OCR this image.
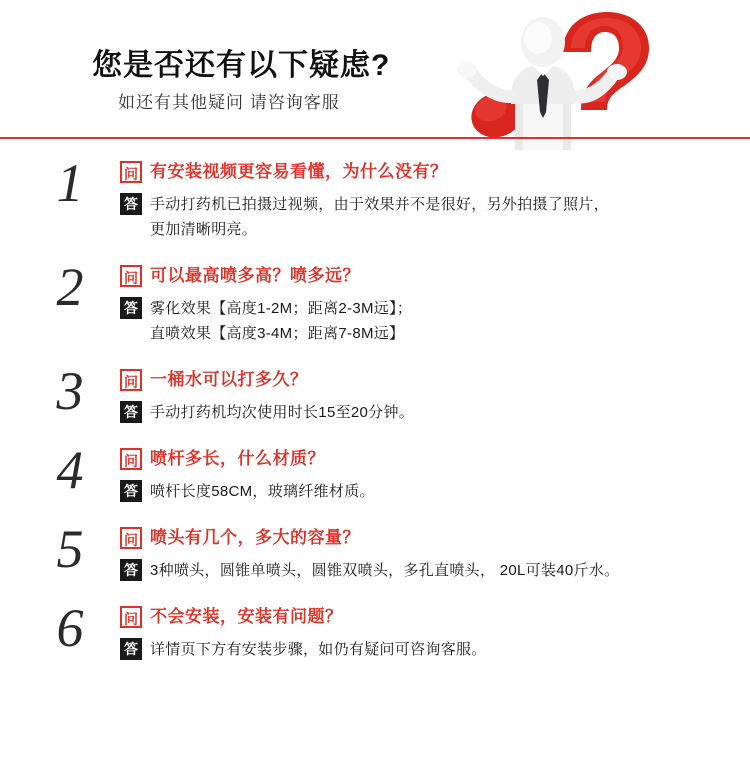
您是否还有以下疑虑?
如还有其他疑问 请咨询客服
1	问 有安装视频更容易看懂，为什么没有？
答 手动打药机已拍摄过视频，由于效果并不是很好，另外拍摄了照片，
更加清晰明亮。
2	问 可以最高喷多高？喷多远？
答 雾化效果【高度1-2M；距离2-3M远】；
直喷效果【高度3-4M；距离7-8M远】
3	问 一桶水可以打多久？
答 手动打药机均次使用时长15至20分钟。
4	问 喷杆多长，什么材质？
答 喷杆长度58CM，玻璃纤维材质。
5	问 喷头有几个，多大的容量？
答 3种喷头，圆锥单喷头，圆锥双喷头，多孔直喷头， 20L可装40斤水。
6	问 不会安装，安装有问题？
答 详情页下方有安装步骤，如仍有疑问可咨询客服。
